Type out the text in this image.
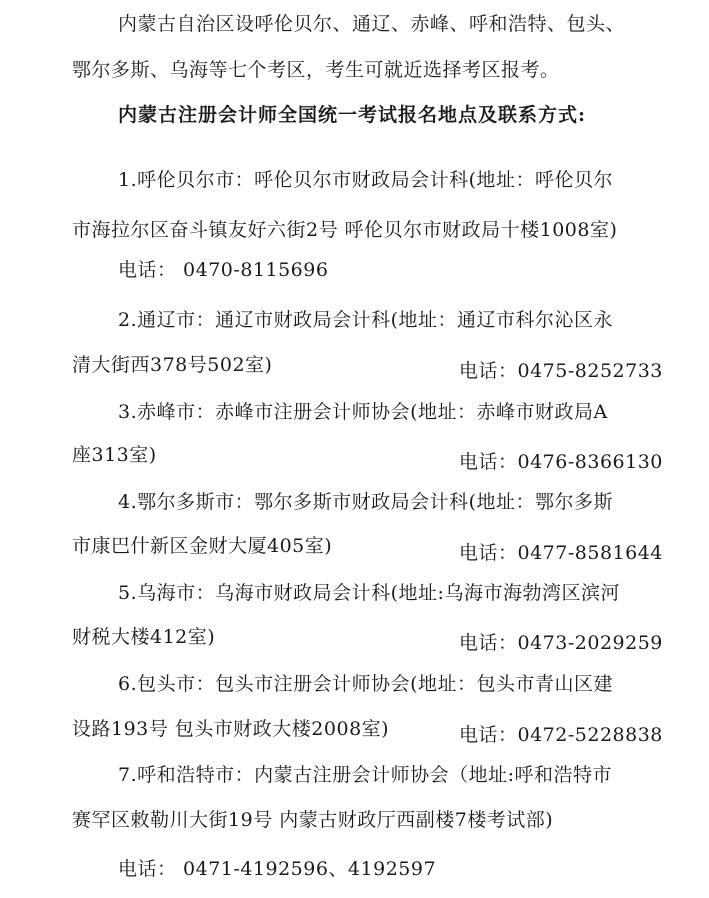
内蒙古自治区设呼伦贝尔、通辽、赤峰、呼和浩特、包头、
鄂尔多斯、乌海等七个考区，考生可就近选择考区报考。
内蒙古注册会计师全国统一考试报名地点及联系方式:
1.呼伦贝尔市：呼伦贝尔市财政局会计科(地址：呼伦贝尔
市海拉尔区奋斗镇友好六街2号 呼伦贝尔市财政局十楼1008室)
电话： 0470-8115696
2.通辽市：通辽市财政局会计科(地址：通辽市科尔沁区永
清大街西378号502室)	电话：0475-8252733
3.赤峰市：赤峰市注册会计师协会(地址：赤峰市财政局A
座313室)	电话：0476-8366130
4.鄂尔多斯市：鄂尔多斯市财政局会计科(地址：鄂尔多斯
市康巴什新区金财大厦405室)	电话：0477-8581644
5.乌海市：乌海市财政局会计科(地址:乌海市海勃湾区滨河
财税大楼412室)	电话：0473-2029259
6.包头市：包头市注册会计师协会(地址：包头市青山区建
设路193号 包头市财政大楼2008室)	电话：0472-5228838
7.呼和浩特市：内蒙古注册会计师协会（地址:呼和浩特市
赛罕区敕勒川大街19号 内蒙古财政厅西副楼7楼考试部)
电话： 0471-4192596、4192597
